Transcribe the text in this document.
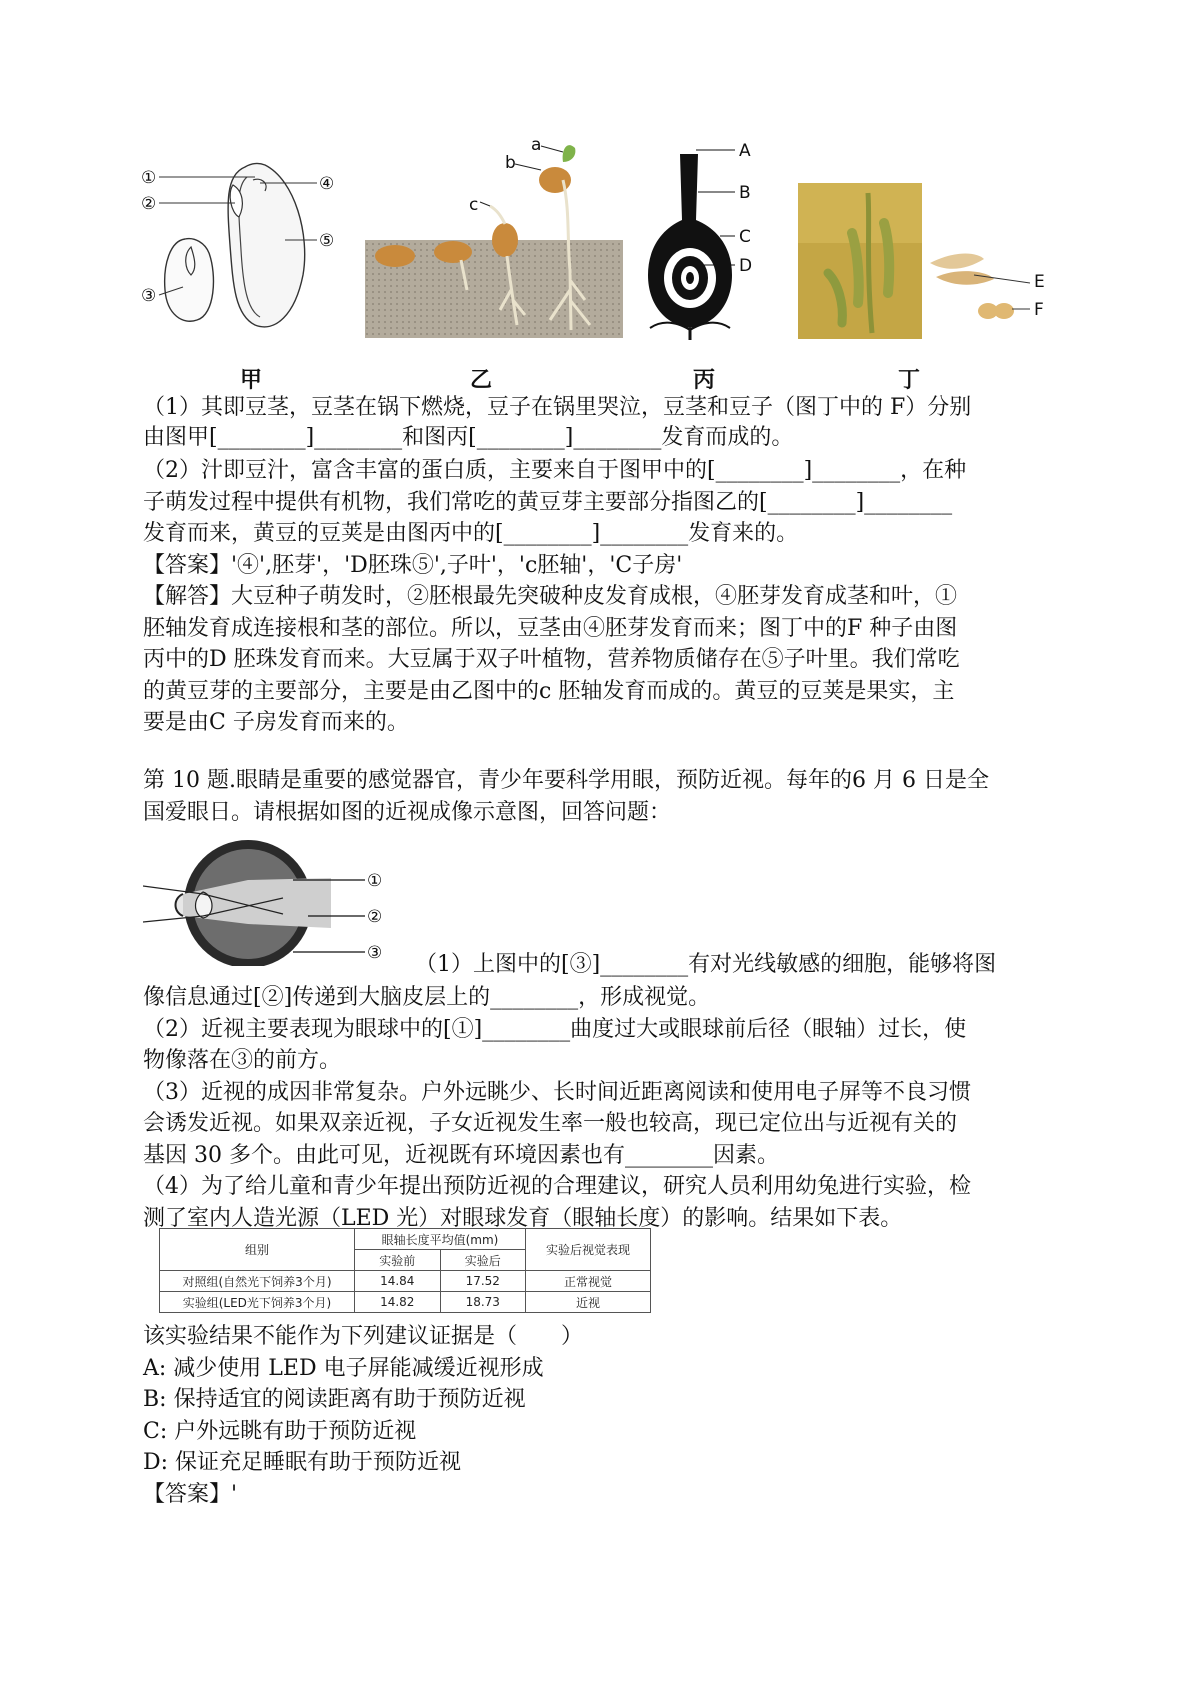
①
②
③
④
⑤
a
b
c
A
B
C
D
E
F
甲	乙	丙	丁
（1）其即豆茎，豆茎在锅下燃烧，豆子在锅里哭泣，豆茎和豆子（图丁中的 F）分别
由图甲[________]________和图丙[________]________发育而成的。
（2）汁即豆汁，富含丰富的蛋白质，主要来自于图甲中的[________]________，在种
子萌发过程中提供有机物，我们常吃的黄豆芽主要部分指图乙的[________]________
发育而来，黄豆的豆荚是由图丙中的[________]________发育来的。
【答案】'④',胚芽'，'D胚珠⑤',子叶'，'c胚轴'，'C子房'
【解答】大豆种子萌发时，②胚根最先突破种皮发育成根，④胚芽发育成茎和叶，①
胚轴发育成连接根和茎的部位。所以，豆茎由④胚芽发育而来；图丁中的F 种子由图
丙中的D 胚珠发育而来。大豆属于双子叶植物，营养物质储存在⑤子叶里。我们常吃
的黄豆芽的主要部分，主要是由乙图中的c 胚轴发育而成的。黄豆的豆荚是果实，主
要是由C 子房发育而来的。
第 10 题.眼睛是重要的感觉器官，青少年要科学用眼，预防近视。每年的6 月 6 日是全
国爱眼日。请根据如图的近视成像示意图，回答问题：
①
②
③ （1）上图中的[③]________有对光线敏感的细胞，能够将图
像信息通过[②]传递到大脑皮层上的________，形成视觉。
（2）近视主要表现为眼球中的[①]________曲度过大或眼球前后径（眼轴）过长，使
物像落在③的前方。
（3）近视的成因非常复杂。户外远眺少、长时间近距离阅读和使用电子屏等不良习惯
会诱发近视。如果双亲近视，子女近视发生率一般也较高，现已定位出与近视有关的
基因 30 多个。由此可见，近视既有环境因素也有________因素。
（4）为了给儿童和青少年提出预防近视的合理建议，研究人员利用幼兔进行实验，检
测了室内人造光源（LED 光）对眼球发育（眼轴长度）的影响。结果如下表。
组别	眼轴长度平均值(mm)		实验后视觉表现
	实验前	实验后	
对照组(自然光下饲养3个月)	14.84	17.52	正常视觉
实验组(LED光下饲养3个月)	14.82	18.73	近视
该实验结果不能作为下列建议证据是（　　）
A: 减少使用 LED 电子屏能减缓近视形成
B: 保持适宜的阅读距离有助于预防近视
C: 户外远眺有助于预防近视
D: 保证充足睡眠有助于预防近视
【答案】'
